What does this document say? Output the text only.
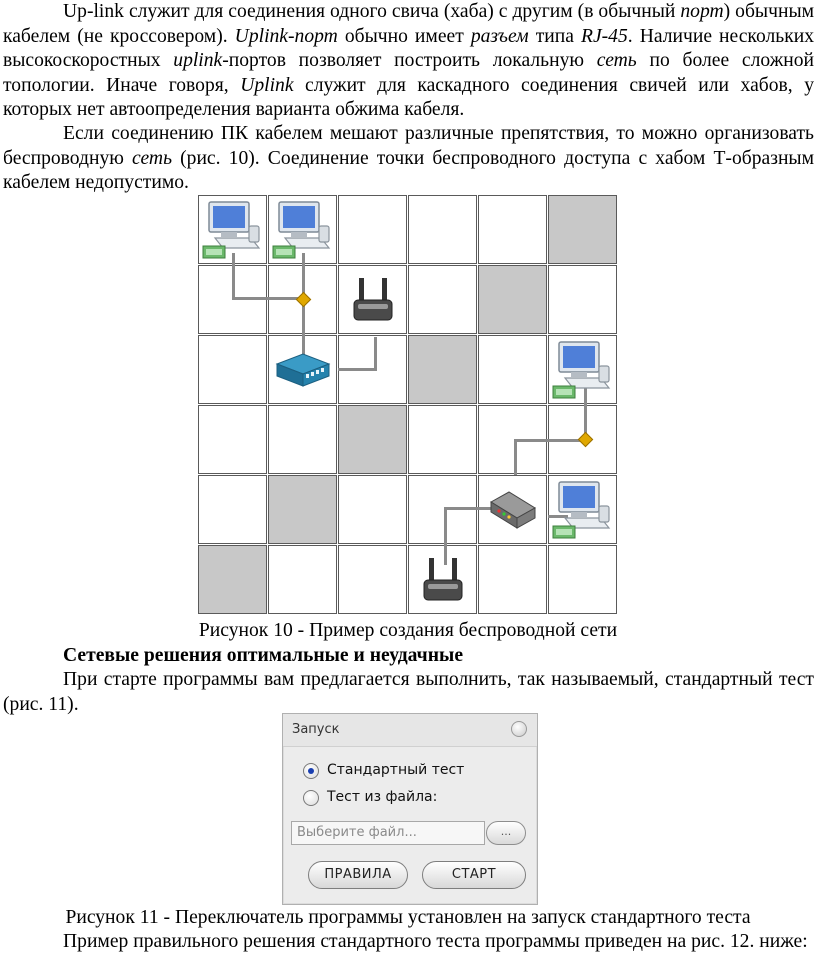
Up-link служит для соединения одного свича (хаба) с другим (в обычный порт) обычным кабелем (не кроссовером). Uplink-порт обычно имеет разъем типа RJ-45. Наличие нескольких высокоскоростных uplink-портов позволяет построить локальную сеть по более сложной топологии. Иначе говоря, Uplink служит для каскадного соединения свичей или хабов, у которых нет автоопределения варианта обжима кабеля.
Если соединению ПК кабелем мешают различные препятствия, то можно организовать беспроводную сеть (рис. 10). Соединение точки беспроводного доступа с хабом Т-образным кабелем недопустимо.
Рисунок 10 - Пример создания беспроводной сети
Сетевые решения оптимальные и неудачные
При старте программы вам предлагается выполнить, так называемый, стандартный тест (рис. 11).
Запуск
Стандартный тест
Тест из файла:
Выберите файл...	...
ПРАВИЛА	СТАРТ
Рисунок 11 - Переключатель программы установлен на запуск стандартного теста
Пример правильного решения стандартного теста программы приведен на рис. 12. ниже:
